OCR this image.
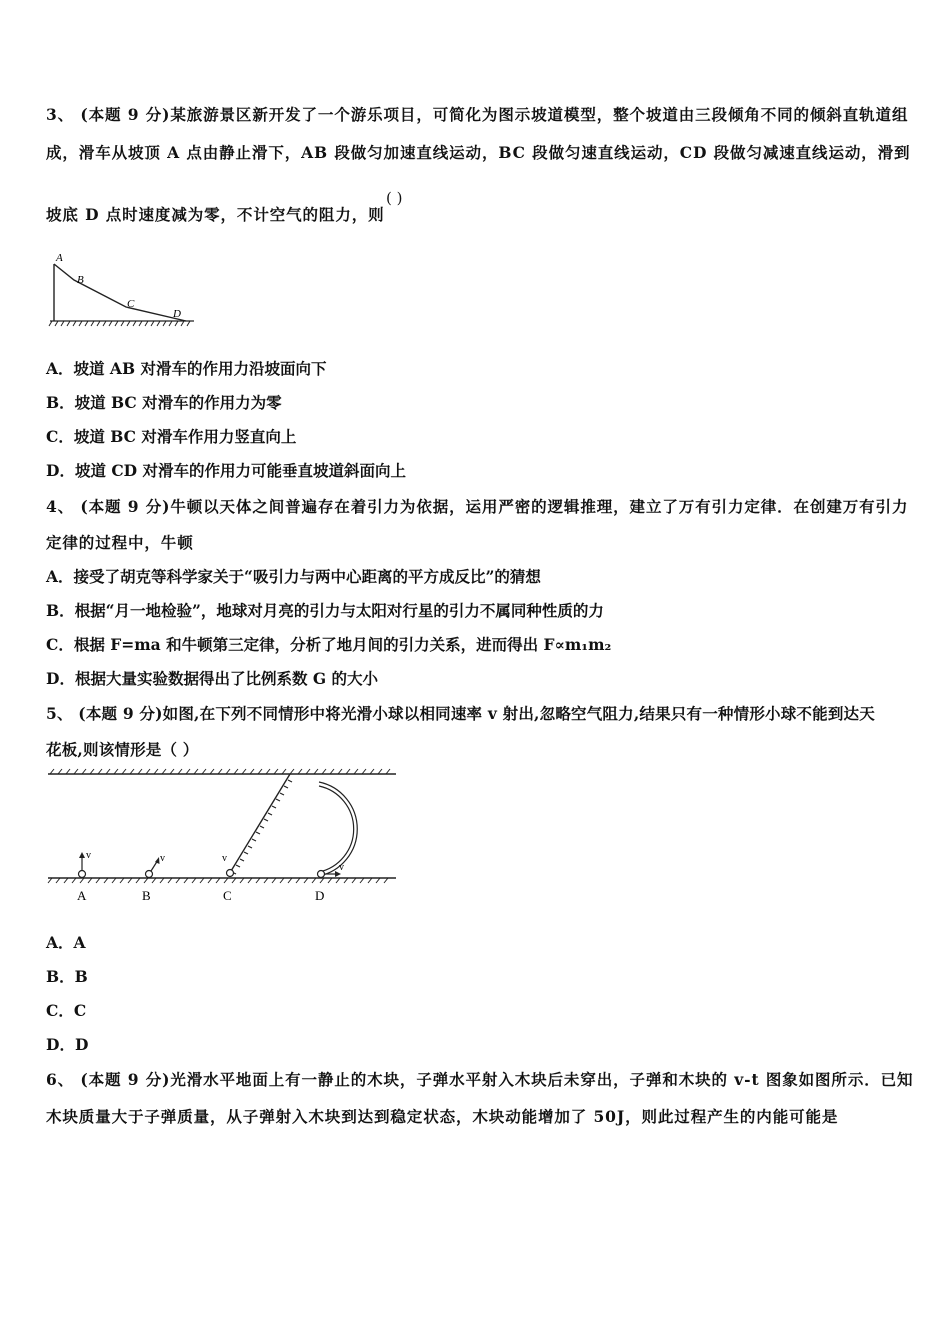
3、 (本题 9 分)某旅游景区新开发了一个游乐项目，可简化为图示坡道模型，整个坡道由三段倾角不同的倾斜直轨道组
成，滑车从坡顶 A 点由静止滑下，AB 段做匀加速直线运动，BC 段做匀速直线运动，CD 段做匀减速直线运动，滑到
坡底 D 点时速度减为零，不计空气的阻力，则
( )
A
B
C
D
A．坡道 AB 对滑车的作用力沿坡面向下
B．坡道 BC 对滑车的作用力为零
C．坡道 BC 对滑车作用力竖直向上
D．坡道 CD 对滑车的作用力可能垂直坡道斜面向上
4、 (本题 9 分)牛顿以天体之间普遍存在着引力为依据，运用严密的逻辑推理，建立了万有引力定律．在创建万有引力
定律的过程中，牛顿
A．接受了胡克等科学家关于“吸引力与两中心距离的平方成反比”的猜想
B．根据“月一地检验”，地球对月亮的引力与太阳对行星的引力不属同种性质的力
C．根据 F=ma 和牛顿第三定律，分析了地月间的引力关系，进而得出 F∝m₁m₂
D．根据大量实验数据得出了比例系数 G 的大小
5、 (本题 9 分)如图,在下列不同情形中将光滑小球以相同速率 v 射出,忽略空气阻力,结果只有一种情形小球不能到达天
花板,则该情形是（ ）
v	v	v
v
A	B	C	D
A．A
B．B
C．C
D．D
6、 (本题 9 分)光滑水平地面上有一静止的木块，子弹水平射入木块后未穿出，子弹和木块的 v-t 图象如图所示．已知
木块质量大于子弹质量，从子弹射入木块到达到稳定状态，木块动能增加了 50J，则此过程产生的内能可能是
